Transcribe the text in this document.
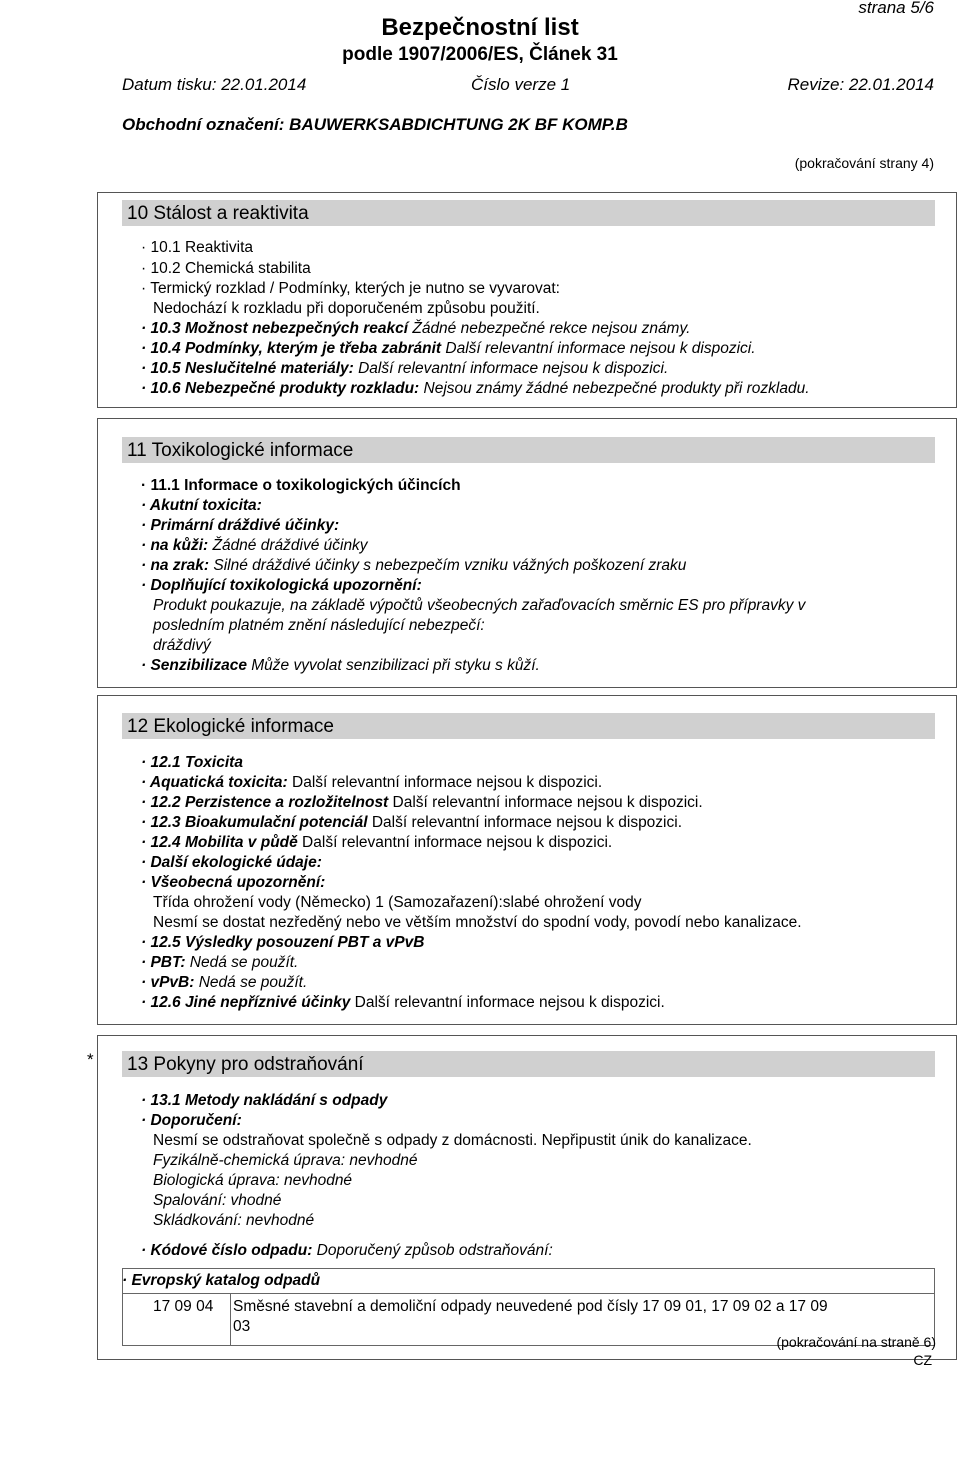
strana 5/6
Bezpečnostní list
podle 1907/2006/ES, Článek 31
Datum tisku: 22.01.2014	Číslo verze 1	Revize: 22.01.2014
Obchodní označení: BAUWERKSABDICHTUNG 2K BF KOMP.B
(pokračování strany 4)
10 Stálost a reaktivita
· 10.1 Reaktivita
· 10.2 Chemická stabilita
· Termický rozklad / Podmínky, kterých je nutno se vyvarovat:
Nedochází k rozkladu při doporučeném způsobu použití.
· 10.3 Možnost nebezpečných reakcí Žádné nebezpečné rekce nejsou známy.
· 10.4 Podmínky, kterým je třeba zabránit Další relevantní informace nejsou k dispozici.
· 10.5 Neslučitelné materiály: Další relevantní informace nejsou k dispozici.
· 10.6 Nebezpečné produkty rozkladu: Nejsou známy žádné nebezpečné produkty při rozkladu.
11 Toxikologické informace
· 11.1 Informace o toxikologických účincích
· Akutní toxicita:
· Primární dráždivé účinky:
· na kůži: Žádné dráždivé účinky
· na zrak: Silné dráždivé účinky s nebezpečím vzniku vážných poškození zraku
· Doplňující toxikologická upozornění:
Produkt poukazuje, na základě výpočtů všeobecných zařaďovacích směrnic ES pro přípravky v
posledním platném znění následující nebezpečí:
dráždivý
· Senzibilizace Může vyvolat senzibilizaci při styku s kůží.
12 Ekologické informace
· 12.1 Toxicita
· Aquatická toxicita: Další relevantní informace nejsou k dispozici.
· 12.2 Perzistence a rozložitelnost Další relevantní informace nejsou k dispozici.
· 12.3 Bioakumulační potenciál Další relevantní informace nejsou k dispozici.
· 12.4 Mobilita v půdě Další relevantní informace nejsou k dispozici.
· Další ekologické údaje:
· Všeobecná upozornění:
Třída ohrožení vody (Německo) 1 (Samozařazení):slabé ohrožení vody
Nesmí se dostat nezředěný nebo ve větším množství do spodní vody, povodí nebo kanalizace.
· 12.5 Výsledky posouzení PBT a vPvB
· PBT: Nedá se použít.
· vPvB: Nedá se použít.
· 12.6 Jiné nepříznivé účinky Další relevantní informace nejsou k dispozici.
* 13 Pokyny pro odstraňování
· 13.1 Metody nakládání s odpady
· Doporučení:
Nesmí se odstraňovat společně s odpady z domácnosti. Nepřipustit únik do kanalizace.
Fyzikálně-chemická úprava: nevhodné
Biologická úprava: nevhodné
Spalování: vhodné
Skládkování: nevhodné
· Kódové číslo odpadu: Doporučený způsob odstraňování:
· Evropský katalog odpadů
17 09 04 Směsné stavební a demoliční odpady neuvedené pod čísly 17 09 01, 17 09 02 a 17 09
03
(pokračování na straně 6)
CZ
